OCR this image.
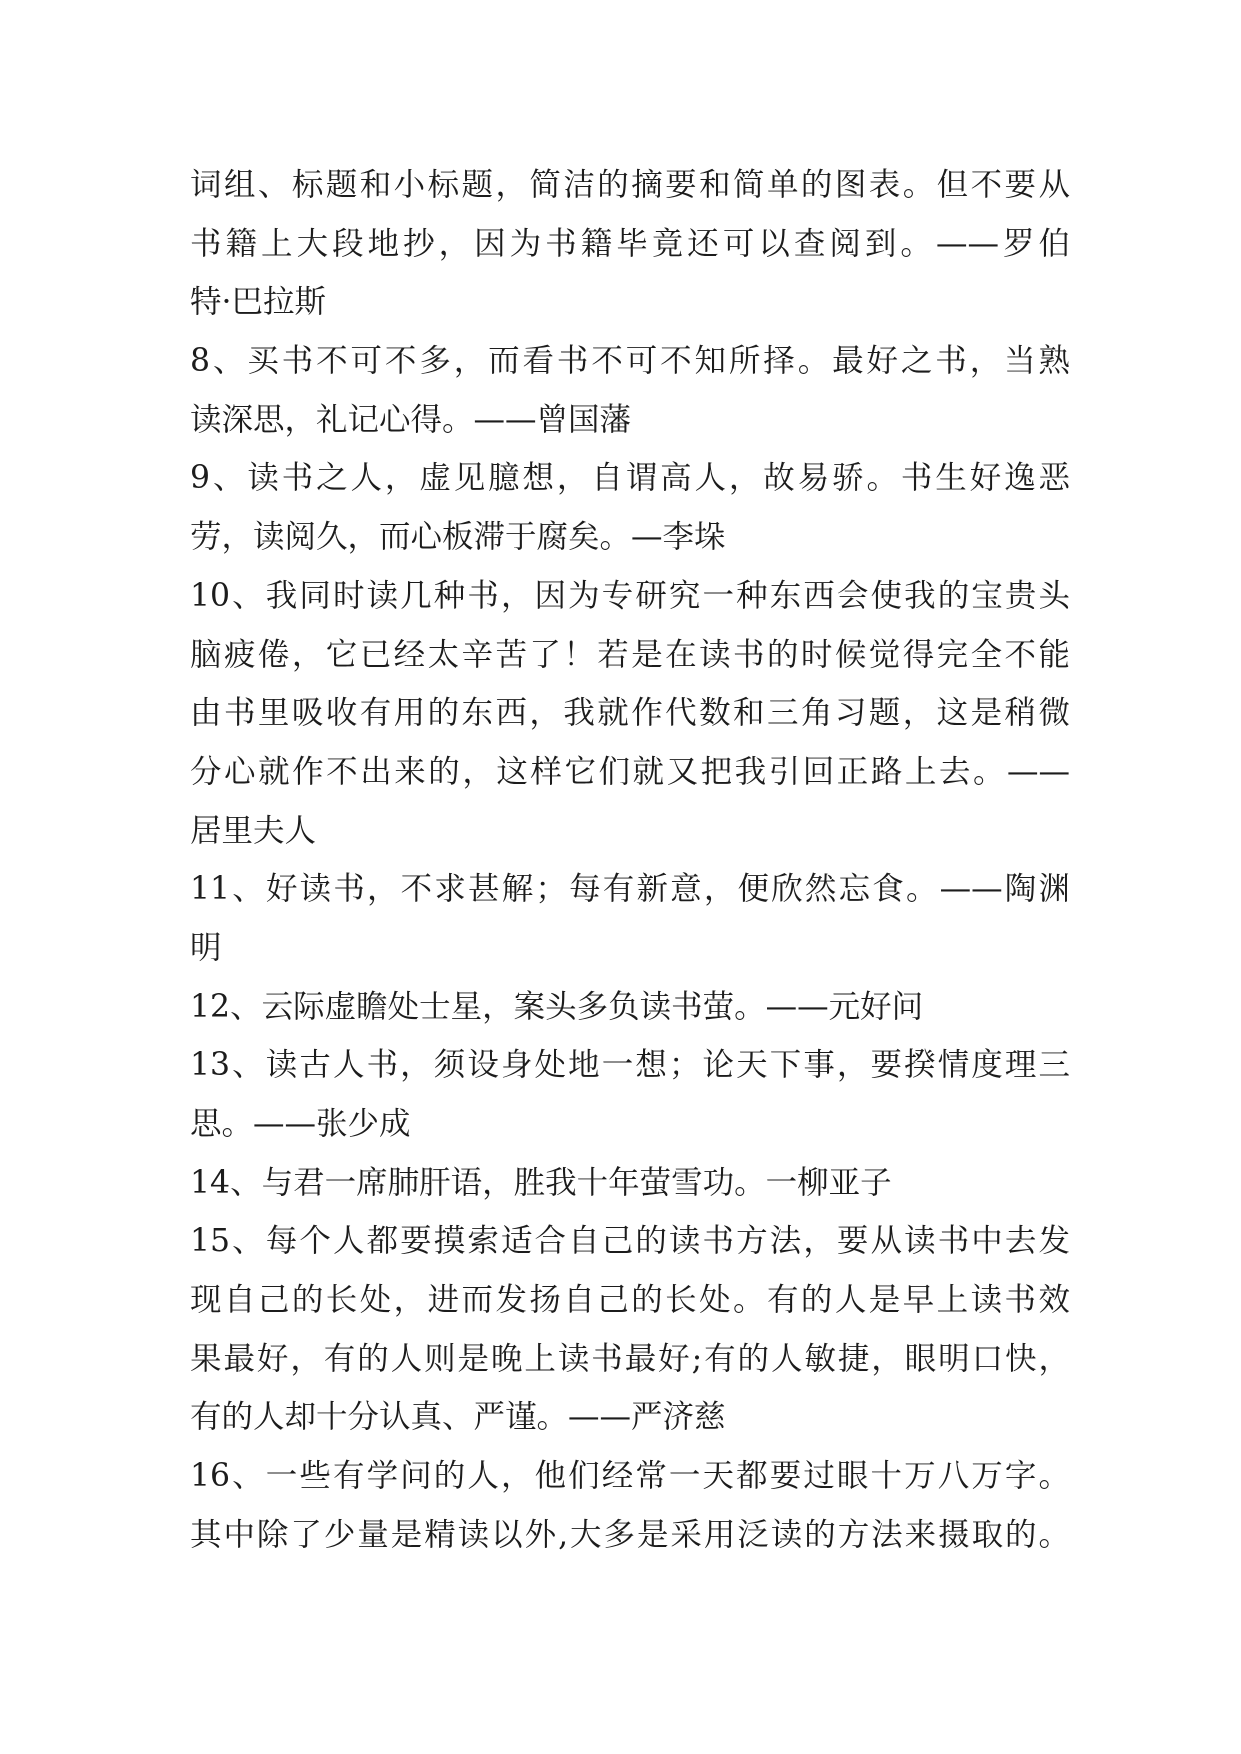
词组、标题和小标题，简洁的摘要和简单的图表。但不要从
书籍上大段地抄，因为书籍毕竟还可以查阅到。——罗伯
特·巴拉斯
8、买书不可不多，而看书不可不知所择。最好之书，当熟
读深思，礼记心得。——曾国藩
9、读书之人，虚见臆想，自谓高人，故易骄。书生好逸恶
劳，读阅久，而心板滞于腐矣。—李垛
10、我同时读几种书，因为专研究一种东西会使我的宝贵头
脑疲倦，它已经太辛苦了！若是在读书的时候觉得完全不能
由书里吸收有用的东西，我就作代数和三角习题，这是稍微
分心就作不出来的，这样它们就又把我引回正路上去。——
居里夫人
11、好读书，不求甚解；每有新意，便欣然忘食。——陶渊
明
12、云际虚瞻处士星，案头多负读书萤。——元好问
13、读古人书，须设身处地一想；论天下事，要揆情度理三
思。——张少成
14、与君一席肺肝语，胜我十年萤雪功。一柳亚子
15、每个人都要摸索适合自己的读书方法，要从读书中去发
现自己的长处，进而发扬自己的长处。有的人是早上读书效
果最好，有的人则是晚上读书最好;有的人敏捷，眼明口快，
有的人却十分认真、严谨。——严济慈
16、一些有学问的人，他们经常一天都要过眼十万八万字。
其中除了少量是精读以外,大多是采用泛读的方法来摄取的。
